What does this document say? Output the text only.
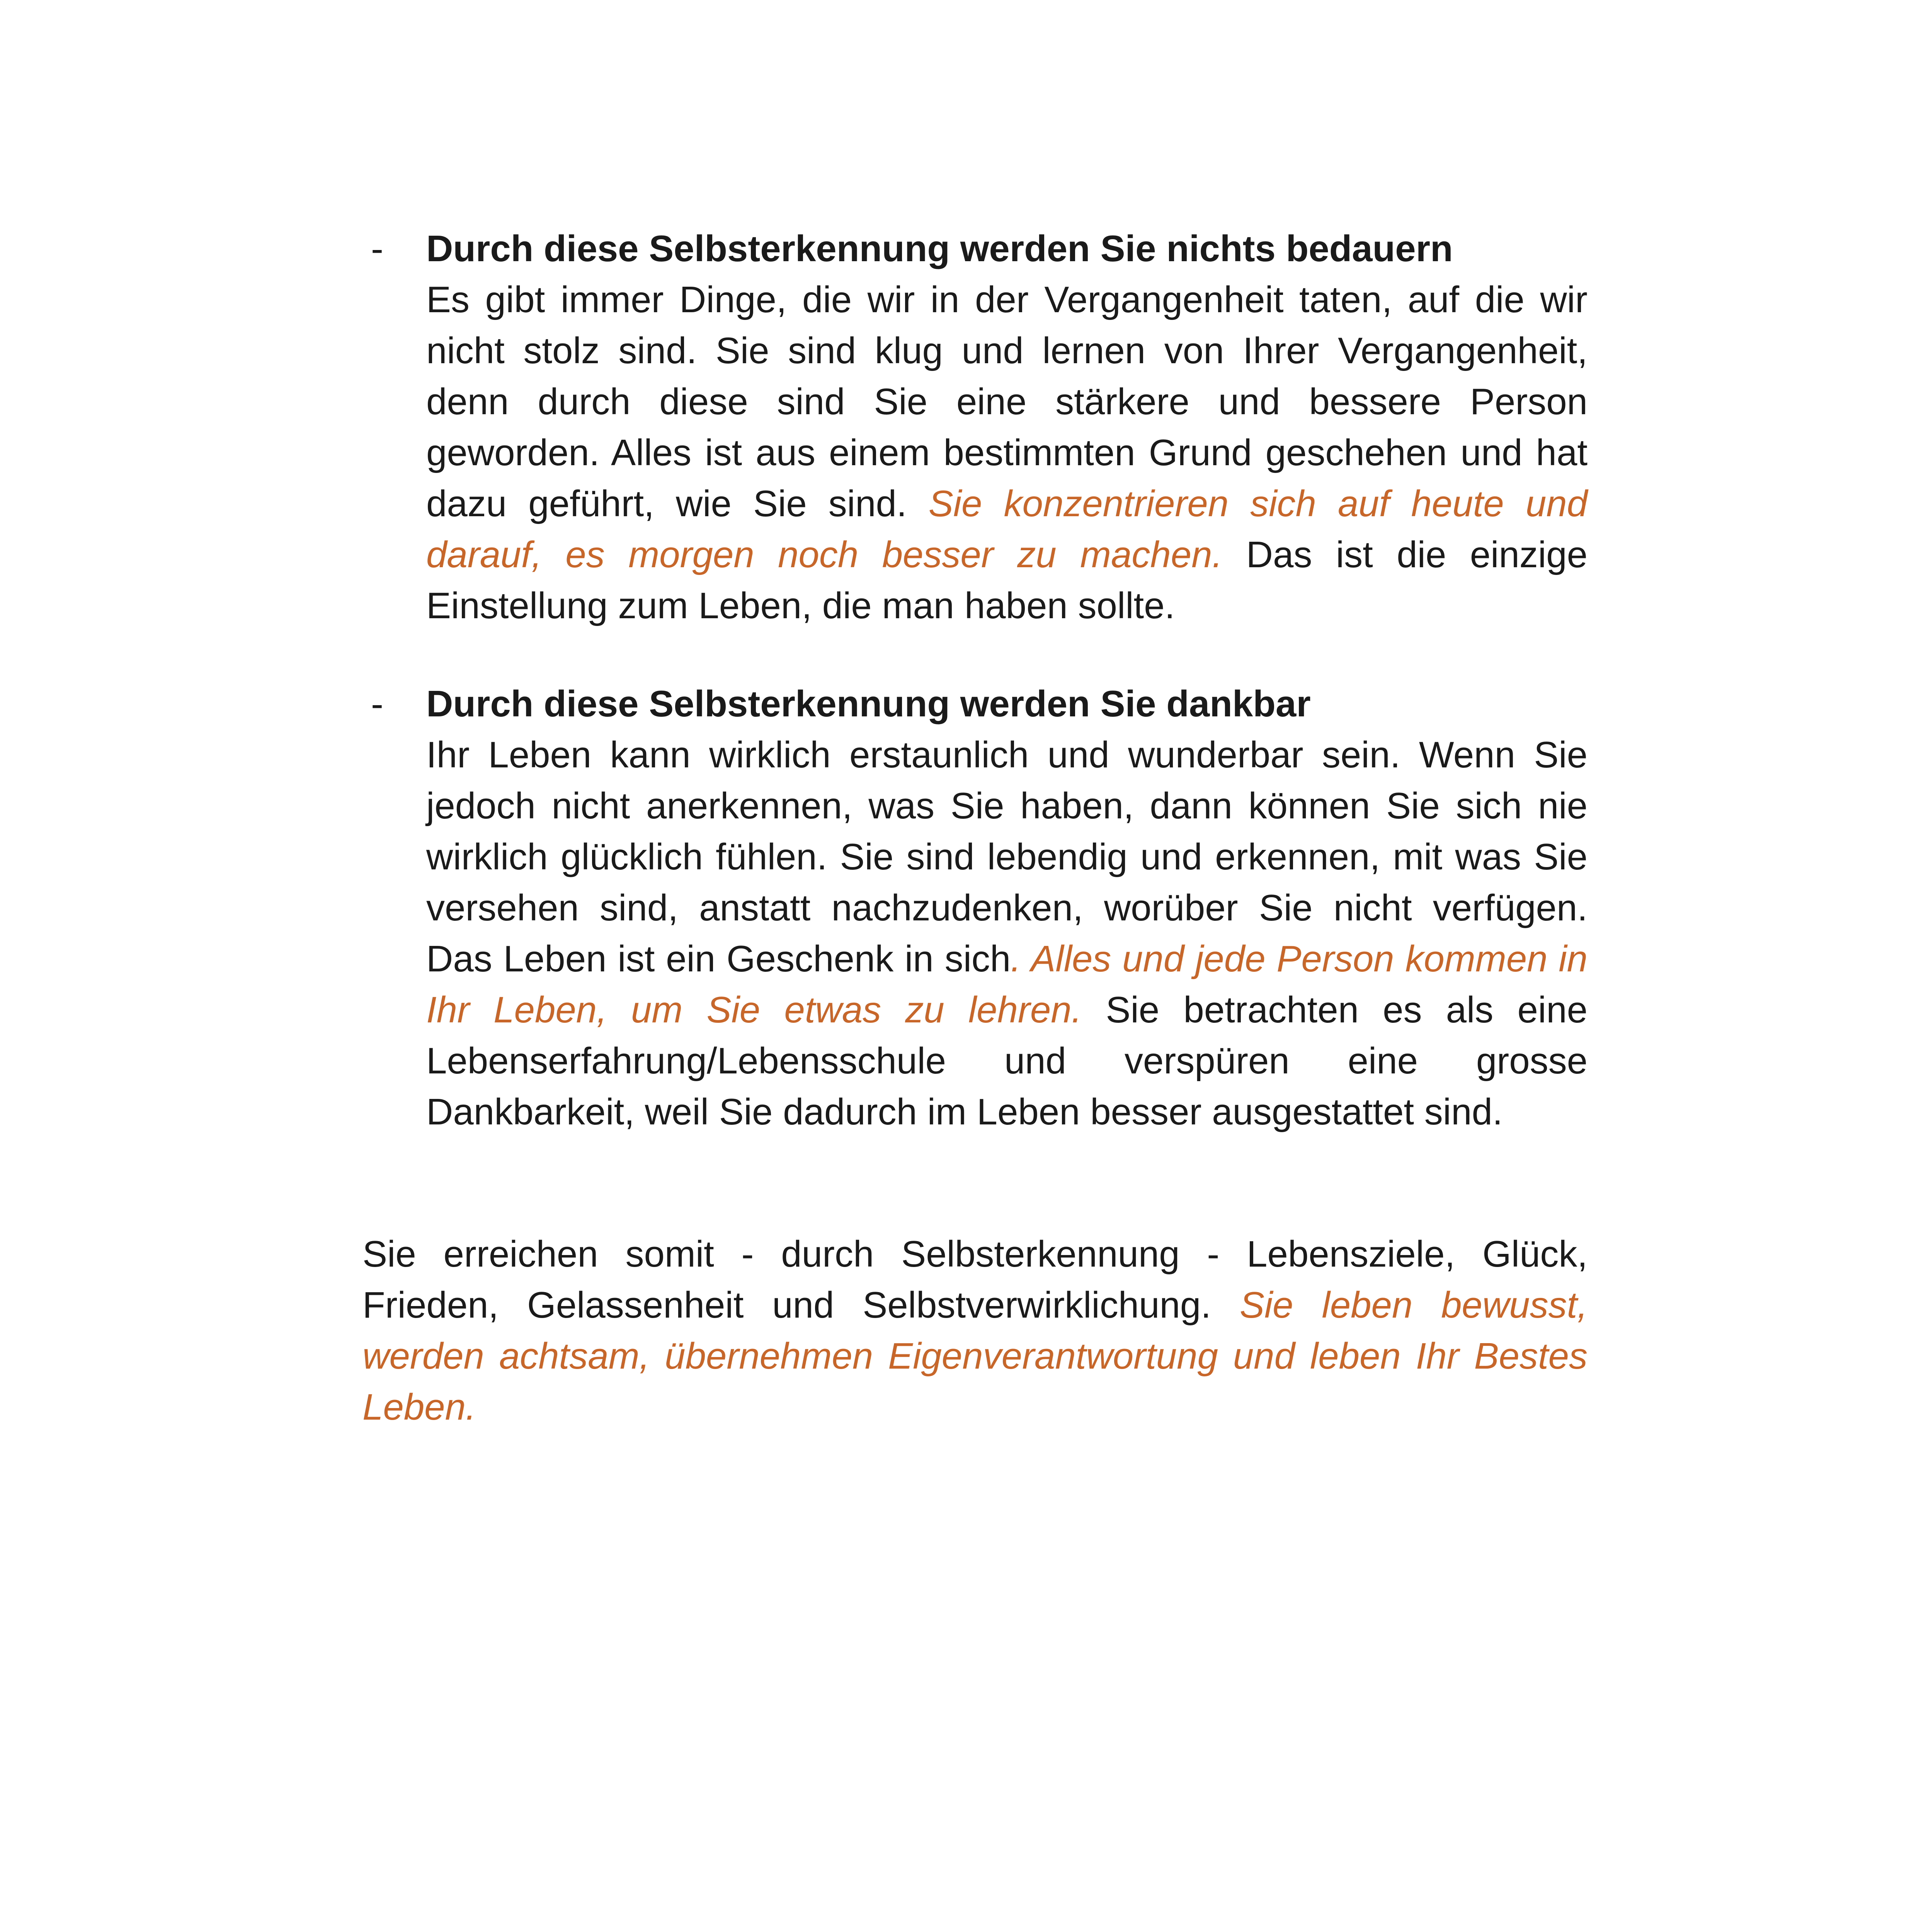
- Durch diese Selbsterkennung werden Sie nichts bedauern
Es gibt immer Dinge, die wir in der Vergangenheit taten, auf die wir nicht stolz sind. Sie sind klug und lernen von Ihrer Vergangenheit, denn durch diese sind Sie eine stärkere und bessere Person geworden. Alles ist aus einem bestimmten Grund geschehen und hat dazu geführt, wie Sie sind. Sie konzentrieren sich auf heute und darauf, es morgen noch besser zu machen. Das ist die einzige Einstellung zum Leben, die man haben sollte.
- Durch diese Selbsterkennung werden Sie dankbar
Ihr Leben kann wirklich erstaunlich und wunderbar sein. Wenn Sie jedoch nicht anerkennen, was Sie haben, dann können Sie sich nie wirklich glücklich fühlen. Sie sind lebendig und erkennen, mit was Sie versehen sind, anstatt nachzudenken, worüber Sie nicht verfügen. Das Leben ist ein Geschenk in sich. Alles und jede Person kommen in Ihr Leben, um Sie etwas zu lehren. Sie betrachten es als eine Lebenserfahrung/Lebensschule und verspüren eine grosse Dankbarkeit, weil Sie dadurch im Leben besser ausgestattet sind.
Sie erreichen somit - durch Selbsterkennung - Lebensziele, Glück, Frieden, Gelassenheit und Selbstverwirklichung. Sie leben bewusst, werden achtsam, übernehmen Eigenverantwortung und leben Ihr Bestes Leben.
